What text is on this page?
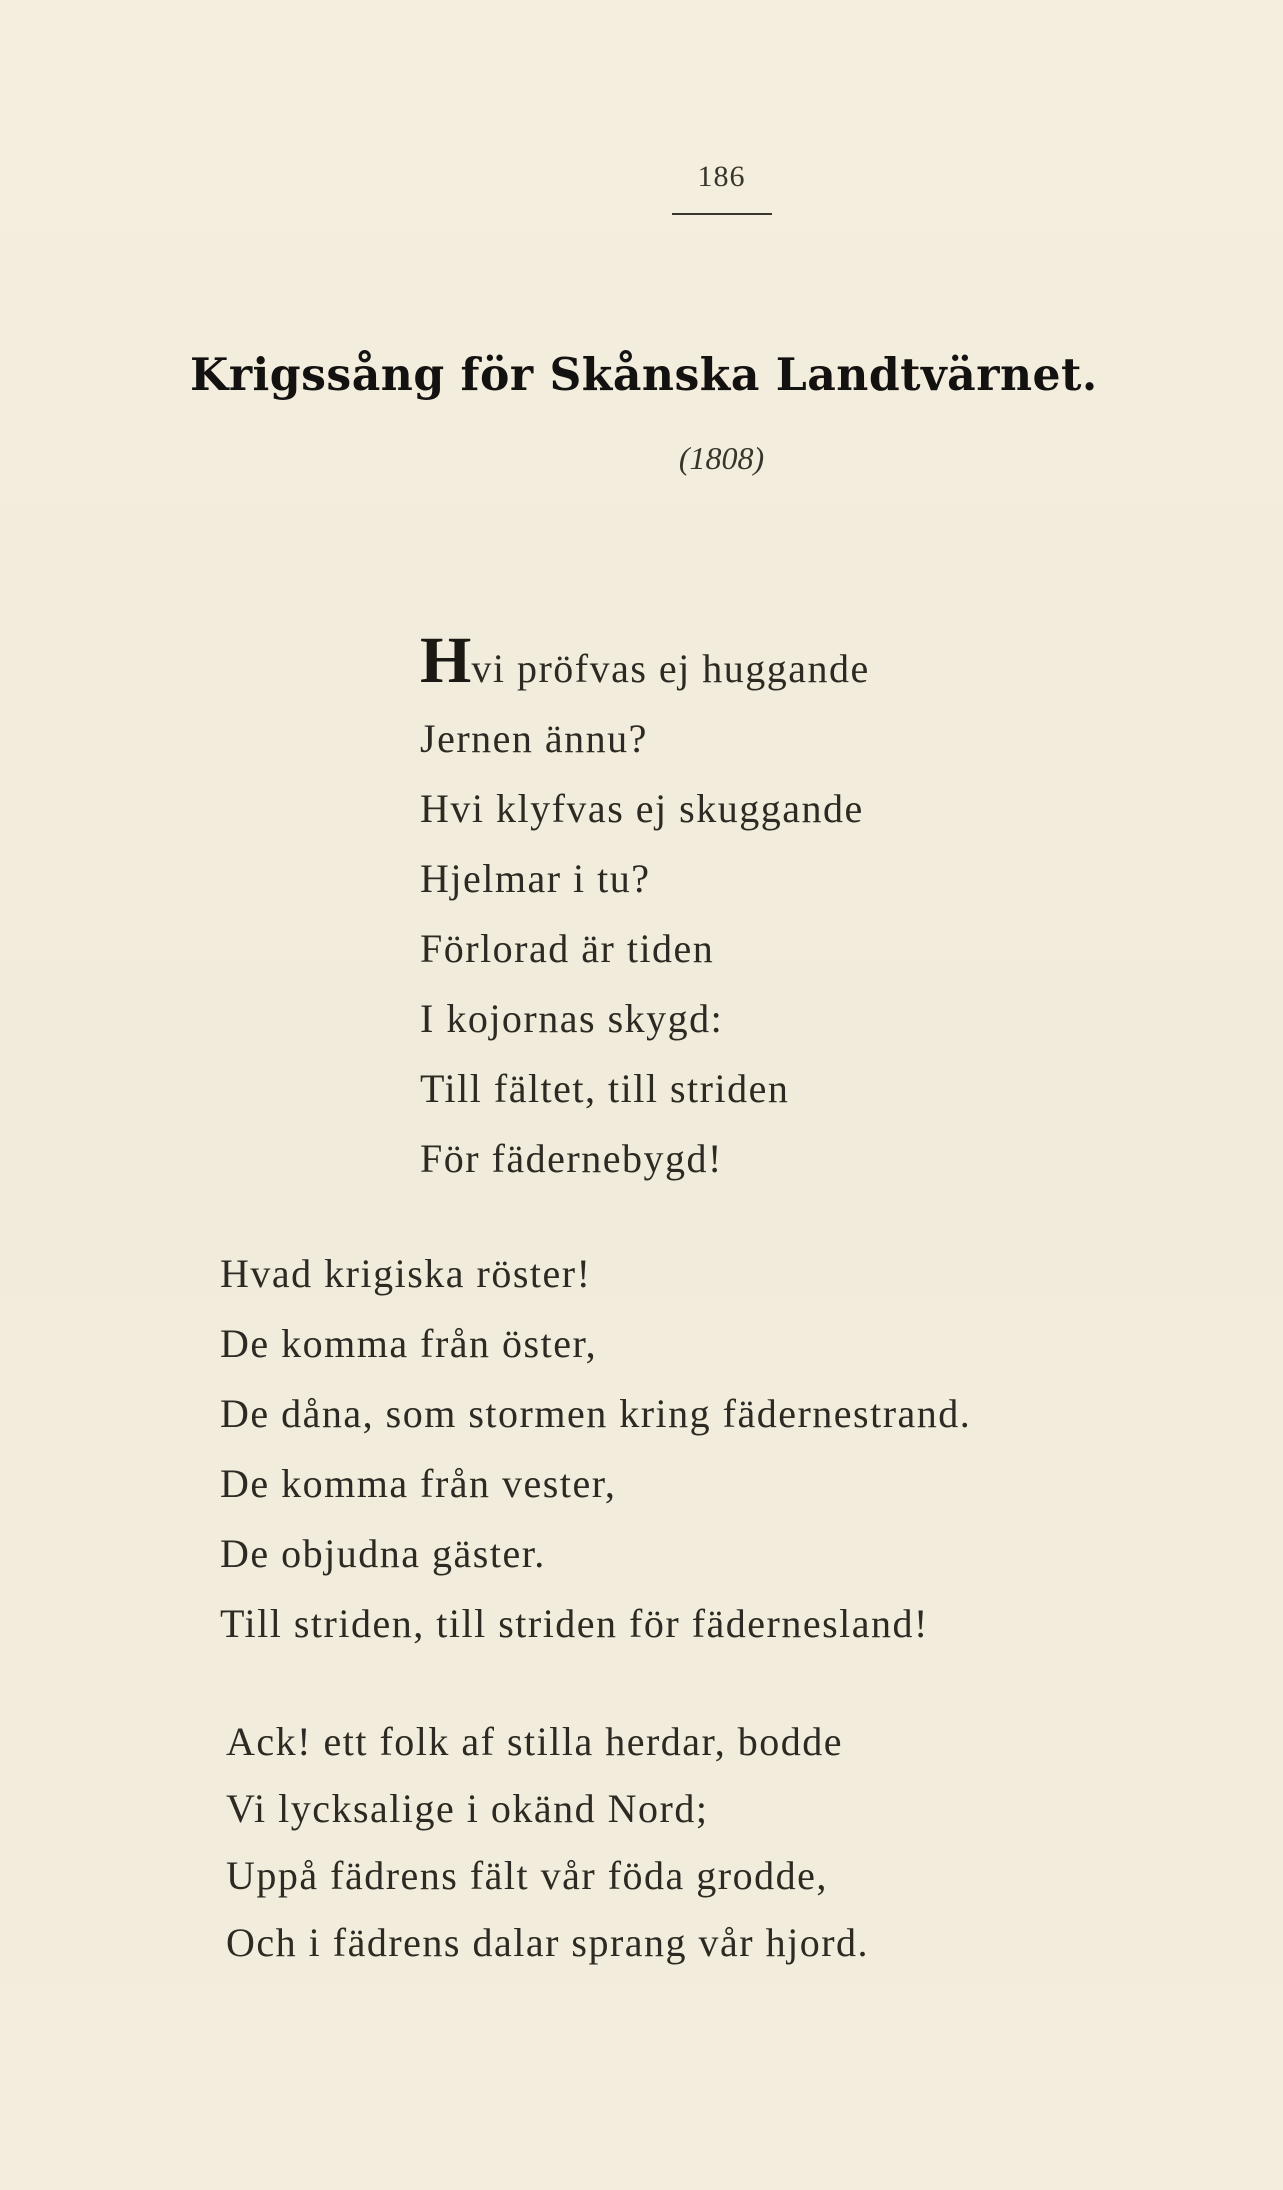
186
Krigssång för Skånska Landtvärnet.
(1808)
Hvi pröfvas ej huggande
Jernen ännu?
Hvi klyfvas ej skuggande
Hjelmar i tu?
Förlorad är tiden
I kojornas skygd:
Till fältet, till striden
För fädernebygd!
Hvad krigiska röster!
De komma från öster,
De dåna, som stormen kring fädernestrand.
De komma från vester,
De objudna gäster.
Till striden, till striden för fädernesland!
Ack! ett folk af stilla herdar, bodde
Vi lycksalige i okänd Nord;
Uppå fädrens fält vår föda grodde,
Och i fädrens dalar sprang vår hjord.
